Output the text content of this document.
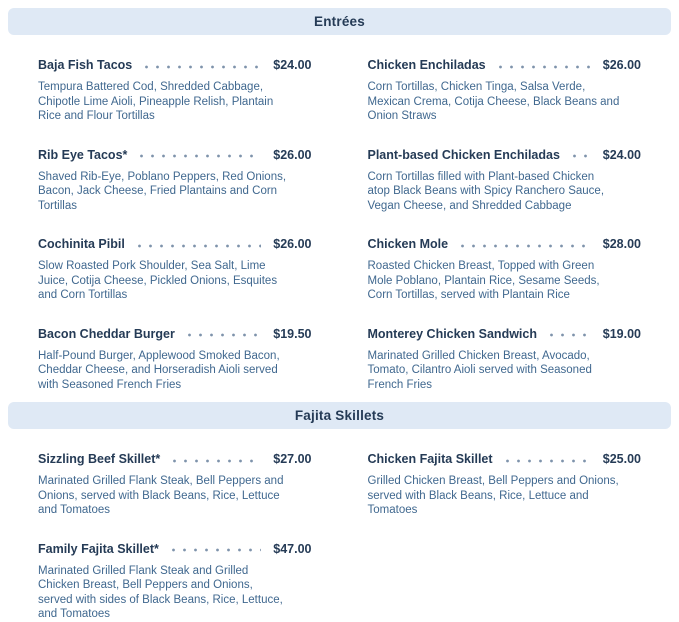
Entrées
Baja Fish Tacos	$24.00

Tempura Battered Cod, Shredded Cabbage, Chipotle Lime Aioli, Pineapple Relish, Plantain Rice and Flour Tortillas

Chicken Enchiladas	$26.00

Corn Tortillas, Chicken Tinga, Salsa Verde, Mexican Crema, Cotija Cheese, Black Beans and Onion Straws

Rib Eye Tacos*	$26.00

Shaved Rib-Eye, Poblano Peppers, Red Onions, Bacon, Jack Cheese, Fried Plantains and Corn Tortillas

Plant-based Chicken Enchiladas	$24.00

Corn Tortillas filled with Plant-based Chicken atop Black Beans with Spicy Ranchero Sauce, Vegan Cheese, and Shredded Cabbage

Cochinita Pibil	$26.00

Slow Roasted Pork Shoulder, Sea Salt, Lime Juice, Cotija Cheese, Pickled Onions, Esquites and Corn Tortillas

Chicken Mole	$28.00

Roasted Chicken Breast, Topped with Green Mole Poblano, Plantain Rice, Sesame Seeds, Corn Tortillas, served with Plantain Rice

Bacon Cheddar Burger	$19.50

Half-Pound Burger, Applewood Smoked Bacon, Cheddar Cheese, and Horseradish Aioli served with Seasoned French Fries

Monterey Chicken Sandwich	$19.00

Marinated Grilled Chicken Breast, Avocado, Tomato, Cilantro Aioli served with Seasoned French Fries

Fajita Skillets
Sizzling Beef Skillet*	$27.00

Marinated Grilled Flank Steak, Bell Peppers and Onions, served with Black Beans, Rice, Lettuce and Tomatoes

Chicken Fajita Skillet	$25.00

Grilled Chicken Breast, Bell Peppers and Onions, served with Black Beans, Rice, Lettuce and Tomatoes

Family Fajita Skillet*	$47.00

Marinated Grilled Flank Steak and Grilled Chicken Breast, Bell Peppers and Onions, served with sides of Black Beans, Rice, Lettuce, and Tomatoes
